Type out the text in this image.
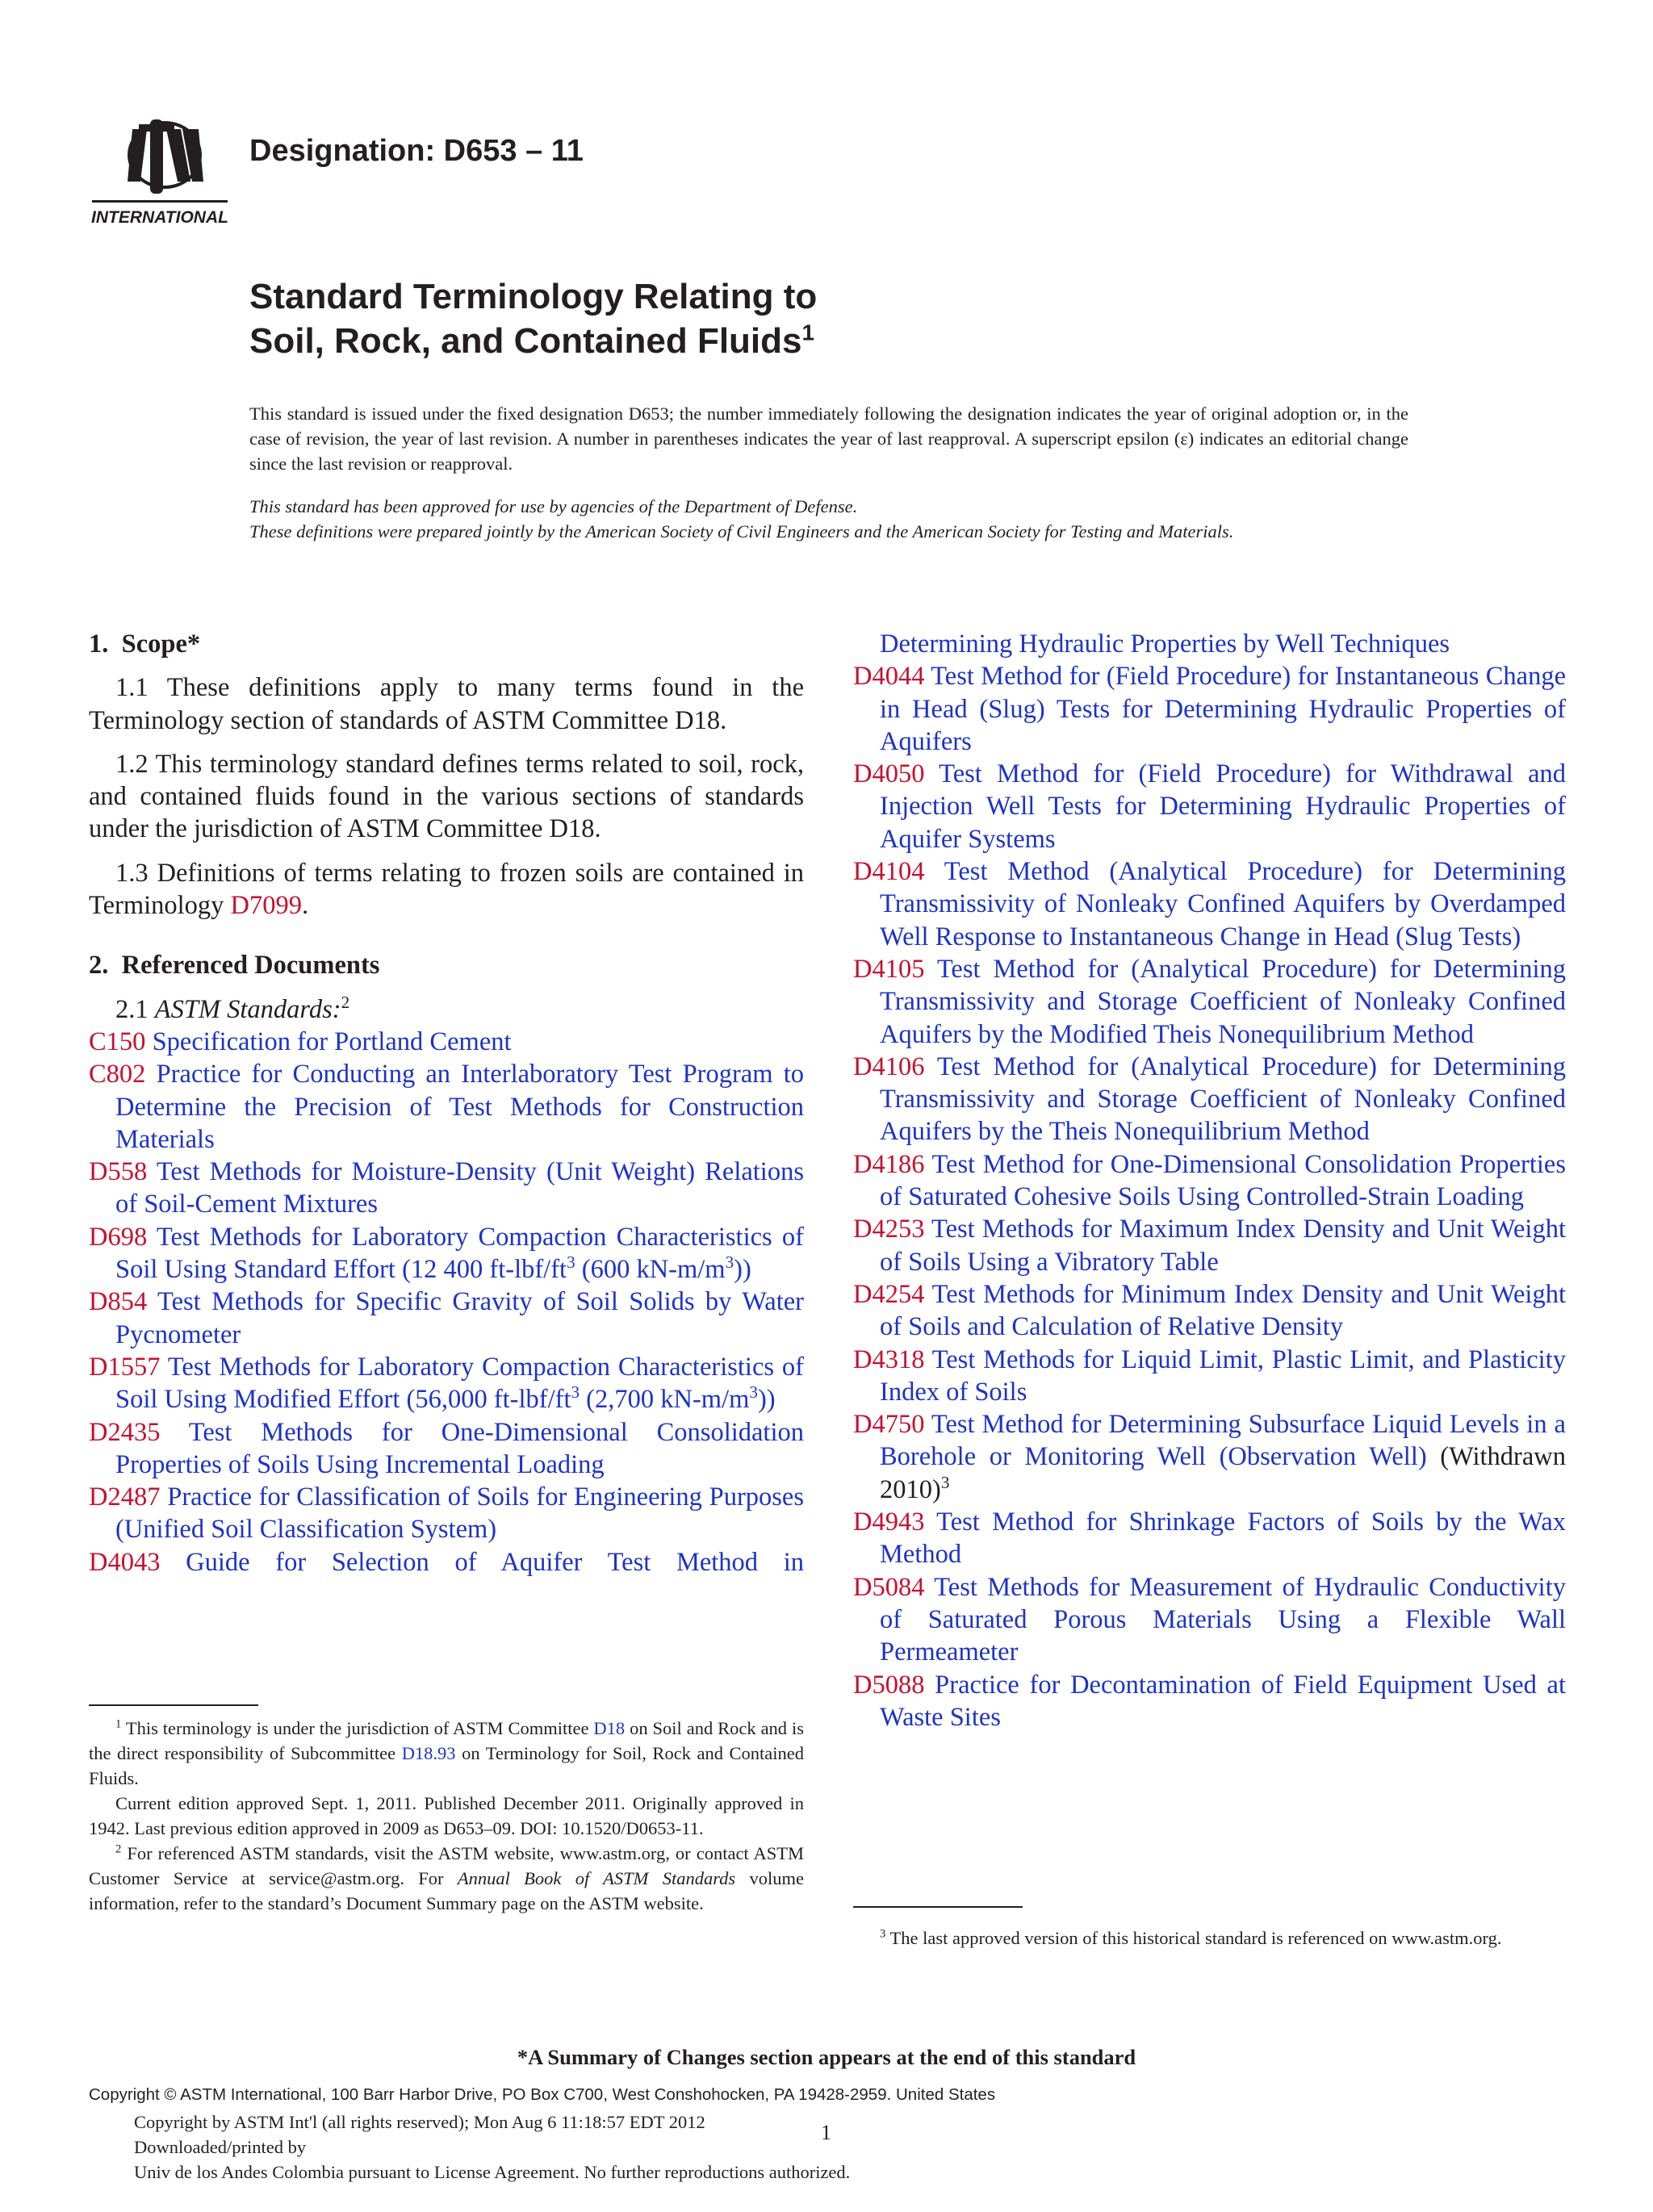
INTERNATIONAL
Designation: D653 – 11
Standard Terminology Relating to
Soil, Rock, and Contained Fluids$^1$

This standard is issued under the fixed designation D653; the number immediately following the designation indicates the year of original adoption or, in the case of revision, the year of last revision. A number in parentheses indicates the year of last reapproval. A superscript epsilon (ε) indicates an editorial change since the last revision or reapproval.

This standard has been approved for use by agencies of the Department of Defense.

These definitions were prepared jointly by the American Society of Civil Engineers and the American Society for Testing and Materials.

1.  Scope*

1.1 These definitions apply to many terms found in the Terminology section of standards of ASTM Committee D18.

1.2 This terminology standard defines terms related to soil, rock, and contained fluids found in the various sections of standards under the jurisdiction of ASTM Committee D18.

1.3 Definitions of terms relating to frozen soils are contained in Terminology D7099.

2.  Referenced Documents

2.1 ASTM Standards:$^2$

C150 Specification for Portland Cement

C802 Practice for Conducting an Interlaboratory Test Program to Determine the Precision of Test Methods for Construction Materials

D558 Test Methods for Moisture-Density (Unit Weight) Relations of Soil-Cement Mixtures

D698 Test Methods for Laboratory Compaction Characteristics of Soil Using Standard Effort (12 400 $ft-lbf/ft^3$ (600 $kN-m/m^3$))

D854 Test Methods for Specific Gravity of Soil Solids by Water Pycnometer

D1557 Test Methods for Laboratory Compaction Characteristics of Soil Using Modified Effort (56,000 $ft-lbf/ft^3$ (2,700 $kN-m/m^3$))

D2435 Test Methods for One-Dimensional Consolidation Properties of Soils Using Incremental Loading

D2487 Practice for Classification of Soils for Engineering Purposes (Unified Soil Classification System)

D4043 Guide for Selection of Aquifer Test Method in

$^1$ This terminology is under the jurisdiction of ASTM Committee D18 on Soil and Rock and is the direct responsibility of Subcommittee D18.93 on Terminology for Soil, Rock and Contained Fluids.

Current edition approved Sept. 1, 2011. Published December 2011. Originally approved in 1942. Last previous edition approved in 2009 as D653–09. DOI: 10.1520/D0653-11.

$^2$ For referenced ASTM standards, visit the ASTM website, www.astm.org, or contact ASTM Customer Service at service@astm.org. For Annual Book of ASTM Standards volume information, refer to the standard’s Document Summary page on the ASTM website.

Determining Hydraulic Properties by Well Techniques

D4044 Test Method for (Field Procedure) for Instantaneous Change in Head (Slug) Tests for Determining Hydraulic Properties of Aquifers

D4050 Test Method for (Field Procedure) for Withdrawal and Injection Well Tests for Determining Hydraulic Properties of Aquifer Systems

D4104 Test Method (Analytical Procedure) for Determining Transmissivity of Nonleaky Confined Aquifers by Overdamped Well Response to Instantaneous Change in Head (Slug Tests)

D4105 Test Method for (Analytical Procedure) for Determining Transmissivity and Storage Coefficient of Nonleaky Confined Aquifers by the Modified Theis Nonequilibrium Method

D4106 Test Method for (Analytical Procedure) for Determining Transmissivity and Storage Coefficient of Nonleaky Confined Aquifers by the Theis Nonequilibrium Method

D4186 Test Method for One-Dimensional Consolidation Properties of Saturated Cohesive Soils Using Controlled-Strain Loading

D4253 Test Methods for Maximum Index Density and Unit Weight of Soils Using a Vibratory Table

D4254 Test Methods for Minimum Index Density and Unit Weight of Soils and Calculation of Relative Density

D4318 Test Methods for Liquid Limit, Plastic Limit, and Plasticity Index of Soils

D4750 Test Method for Determining Subsurface Liquid Levels in a Borehole or Monitoring Well (Observation Well) (Withdrawn 2010)$^3$

D4943 Test Method for Shrinkage Factors of Soils by the Wax Method

D5084 Test Methods for Measurement of Hydraulic Conductivity of Saturated Porous Materials Using a Flexible Wall Permeameter

D5088 Practice for Decontamination of Field Equipment Used at Waste Sites

$^3$ The last approved version of this historical standard is referenced on www.astm.org.

*A Summary of Changes section appears at the end of this standard
Copyright © ASTM International, 100 Barr Harbor Drive, PO Box C700, West Conshohocken, PA 19428-2959. United States
Copyright by ASTM Int'l (all rights reserved); Mon Aug 6 11:18:57 EDT 2012
Downloaded/printed by
Univ de los Andes Colombia pursuant to License Agreement. No further reproductions authorized.
1
